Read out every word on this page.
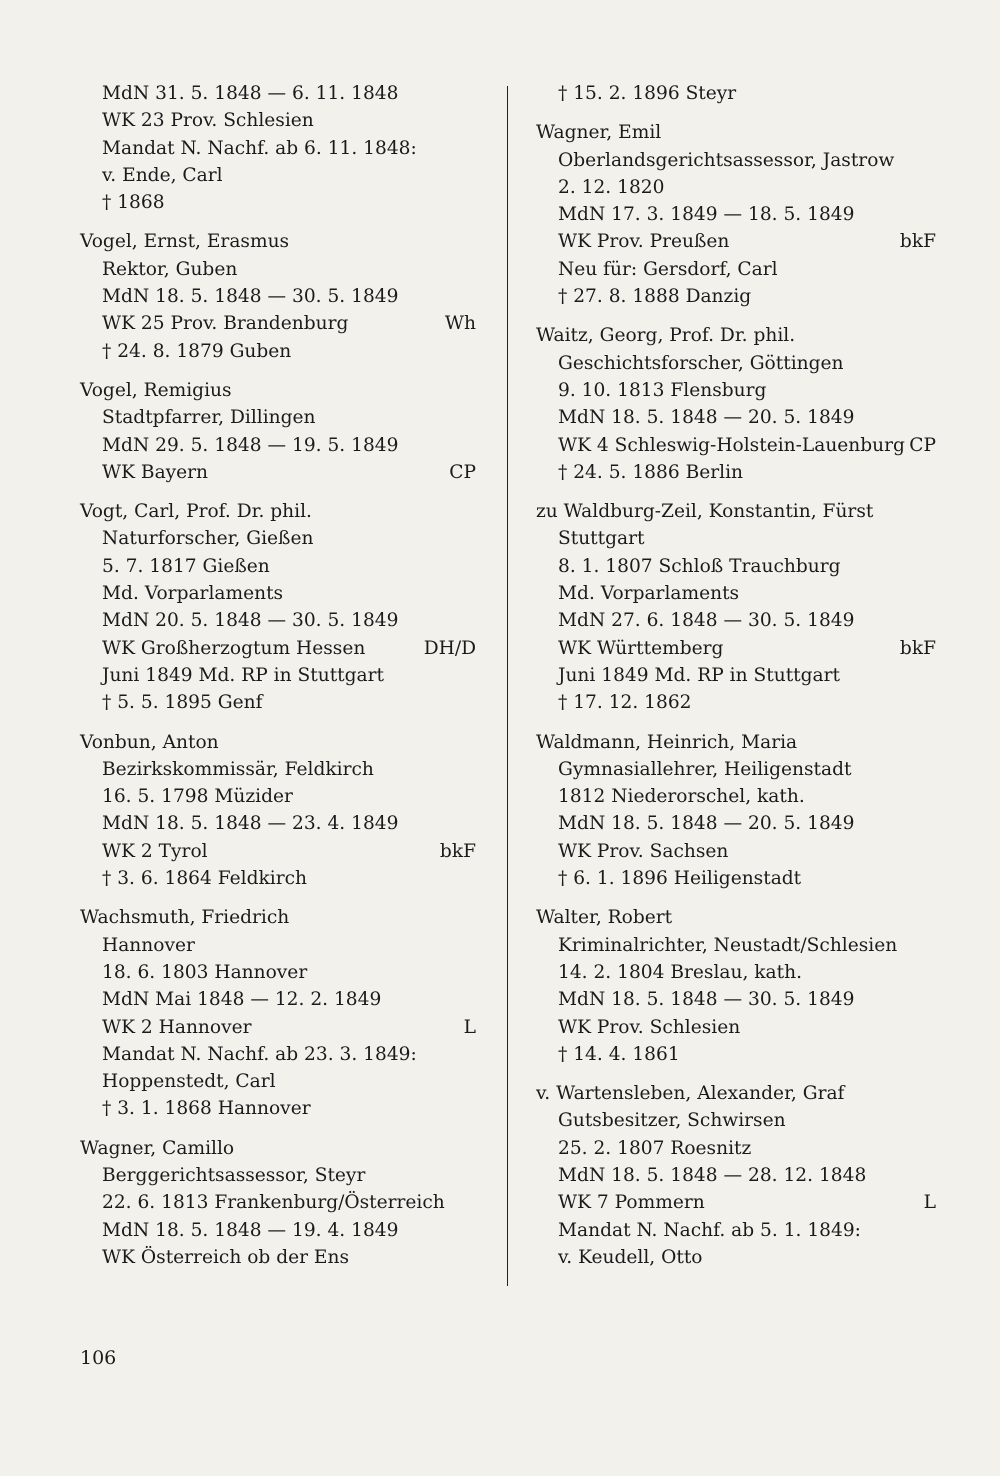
MdN 31. 5. 1848 — 6. 11. 1848
WK 23 Prov. Schlesien
Mandat N. Nachf. ab 6. 11. 1848:
v. Ende, Carl
† 1868
Vogel, Ernst, Erasmus
Rektor, Guben
MdN 18. 5. 1848 — 30. 5. 1849
WK 25 Prov. Brandenburg	Wh
† 24. 8. 1879 Guben
Vogel, Remigius
Stadtpfarrer, Dillingen
MdN 29. 5. 1848 — 19. 5. 1849
WK Bayern	CP
Vogt, Carl, Prof. Dr. phil.
Naturforscher, Gießen
5. 7. 1817 Gießen
Md. Vorparlaments
MdN 20. 5. 1848 — 30. 5. 1849
WK Großherzogtum Hessen	DH/D
Juni 1849 Md. RP in Stuttgart
† 5. 5. 1895 Genf
Vonbun, Anton
Bezirkskommissär, Feldkirch
16. 5. 1798 Müzider
MdN 18. 5. 1848 — 23. 4. 1849
WK 2 Tyrol	bkF
† 3. 6. 1864 Feldkirch
Wachsmuth, Friedrich
Hannover
18. 6. 1803 Hannover
MdN Mai 1848 — 12. 2. 1849
WK 2 Hannover	L
Mandat N. Nachf. ab 23. 3. 1849:
Hoppenstedt, Carl
† 3. 1. 1868 Hannover
Wagner, Camillo
Berggerichtsassessor, Steyr
22. 6. 1813 Frankenburg/Österreich
MdN 18. 5. 1848 — 19. 4. 1849
WK Österreich ob der Ens
† 15. 2. 1896 Steyr
Wagner, Emil
Oberlandsgerichtsassessor, Jastrow
2. 12. 1820
MdN 17. 3. 1849 — 18. 5. 1849
WK Prov. Preußen	bkF
Neu für: Gersdorf, Carl
† 27. 8. 1888 Danzig
Waitz, Georg, Prof. Dr. phil.
Geschichtsforscher, Göttingen
9. 10. 1813 Flensburg
MdN 18. 5. 1848 — 20. 5. 1849
WK 4 Schleswig-Holstein-Lauenburg CP
† 24. 5. 1886 Berlin
zu Waldburg-Zeil, Konstantin, Fürst
Stuttgart
8. 1. 1807 Schloß Trauchburg
Md. Vorparlaments
MdN 27. 6. 1848 — 30. 5. 1849
WK Württemberg	bkF
Juni 1849 Md. RP in Stuttgart
† 17. 12. 1862
Waldmann, Heinrich, Maria
Gymnasiallehrer, Heiligenstadt
1812 Niederorschel, kath.
MdN 18. 5. 1848 — 20. 5. 1849
WK Prov. Sachsen
† 6. 1. 1896 Heiligenstadt
Walter, Robert
Kriminalrichter, Neustadt/Schlesien
14. 2. 1804 Breslau, kath.
MdN 18. 5. 1848 — 30. 5. 1849
WK Prov. Schlesien
† 14. 4. 1861
v. Wartensleben, Alexander, Graf
Gutsbesitzer, Schwirsen
25. 2. 1807 Roesnitz
MdN 18. 5. 1848 — 28. 12. 1848
WK 7 Pommern	L
Mandat N. Nachf. ab 5. 1. 1849:
v. Keudell, Otto
106
